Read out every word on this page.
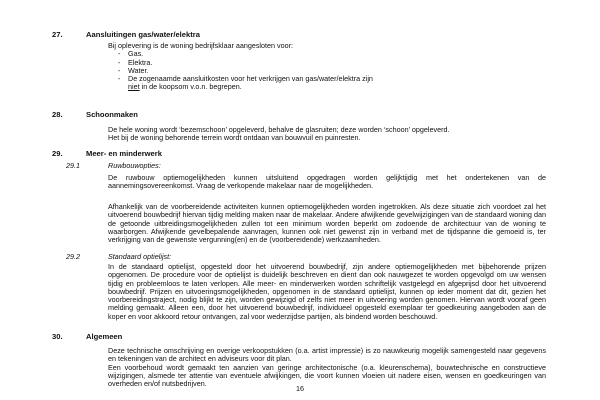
27.	Aansluitingen gas/water/elektra

Bij oplevering is de woning bedrijfsklaar aangesloten voor:

- Gas.
- Elektra.
- Water.
- De zogenaamde aansluitkosten voor het verkrijgen van gas/water/elektra zijn
niet in de koopsom v.o.n. begrepen.
28.	Schoonmaken

De hele woning wordt ‘bezemschoon’ opgeleverd, behalve de glasruiten; deze worden ‘schoon’ opgeleverd.

Het bij de woning behorende terrein wordt ontdaan van bouwvuil en puinresten.

29.	Meer- en minderwerk
29.1	Ruwbouwopties:

De ruwbouw optiemogelijkheden kunnen uitsluitend opgedragen worden gelijktijdig met het ondertekenen van de aannemingsovereenkomst. Vraag de verkopende makelaar naar de mogelijkheden.

Afhankelijk van de voorbereidende activiteiten kunnen optiemogelijkheden worden ingetrokken. Als deze situatie zich voordoet zal het uitvoerend bouwbedrijf hiervan tijdig melding maken naar de makelaar. Andere afwijkende gevelwijzigingen van de standaard woning dan de getoonde uitbreidingsmogelijkheden zullen tot een minimum worden beperkt om zodoende de architectuur van de woning te waarborgen. Afwijkende gevelbepalende aanvragen, kunnen ook niet gewenst zijn in verband met de tijdspanne die gemoeid is, ter verkrijging van de gewenste vergunning(en) en de (voorbereidende) werkzaamheden.

29.2	Standaard optielijst:

In de standaard optielijst, opgesteld door het uitvoerend bouwbedrijf, zijn andere optiemogelijkheden met bijbehorende prijzen opgenomen. De procedure voor de optielijst is duidelijk beschreven en dient dan ook nauwgezet te worden opgevolgd om uw wensen tijdig en probleemloos te laten verlopen. Alle meer- en minderwerken worden schriftelijk vastgelegd en afgeprijsd door het uitvoerend bouwbedrijf. Prijzen en uitvoeringsmogelijkheden, opgenomen in de standaard optielijst, kunnen op ieder moment dat dit, gezien het voorbereidingstraject, nodig blijkt te zijn, worden gewijzigd of zelfs niet meer in uitvoering worden genomen. Hiervan wordt vooraf geen melding gemaakt. Alleen een, door het uitvoerend bouwbedrijf, individueel opgesteld exemplaar ter goedkeuring aangeboden aan de koper en voor akkoord retour ontvangen, zal voor wederzijdse partijen, als bindend worden beschouwd.

30.	Algemeen

Deze technische omschrijving en overige verkoopstukken (o.a. artist impressie) is zo nauwkeurig mogelijk samengesteld naar gegevens en tekeningen van de architect en adviseurs voor dit plan.

Een voorbehoud wordt gemaakt ten aanzien van geringe architectonische (o.a. kleurenschema), bouwtechnische en constructieve wijzigingen, alsmede ter attentie van eventuele afwijkingen, die voort kunnen vloeien uit nadere eisen, wensen en goedkeuringen van overheden en/of nutsbedrijven.

16
